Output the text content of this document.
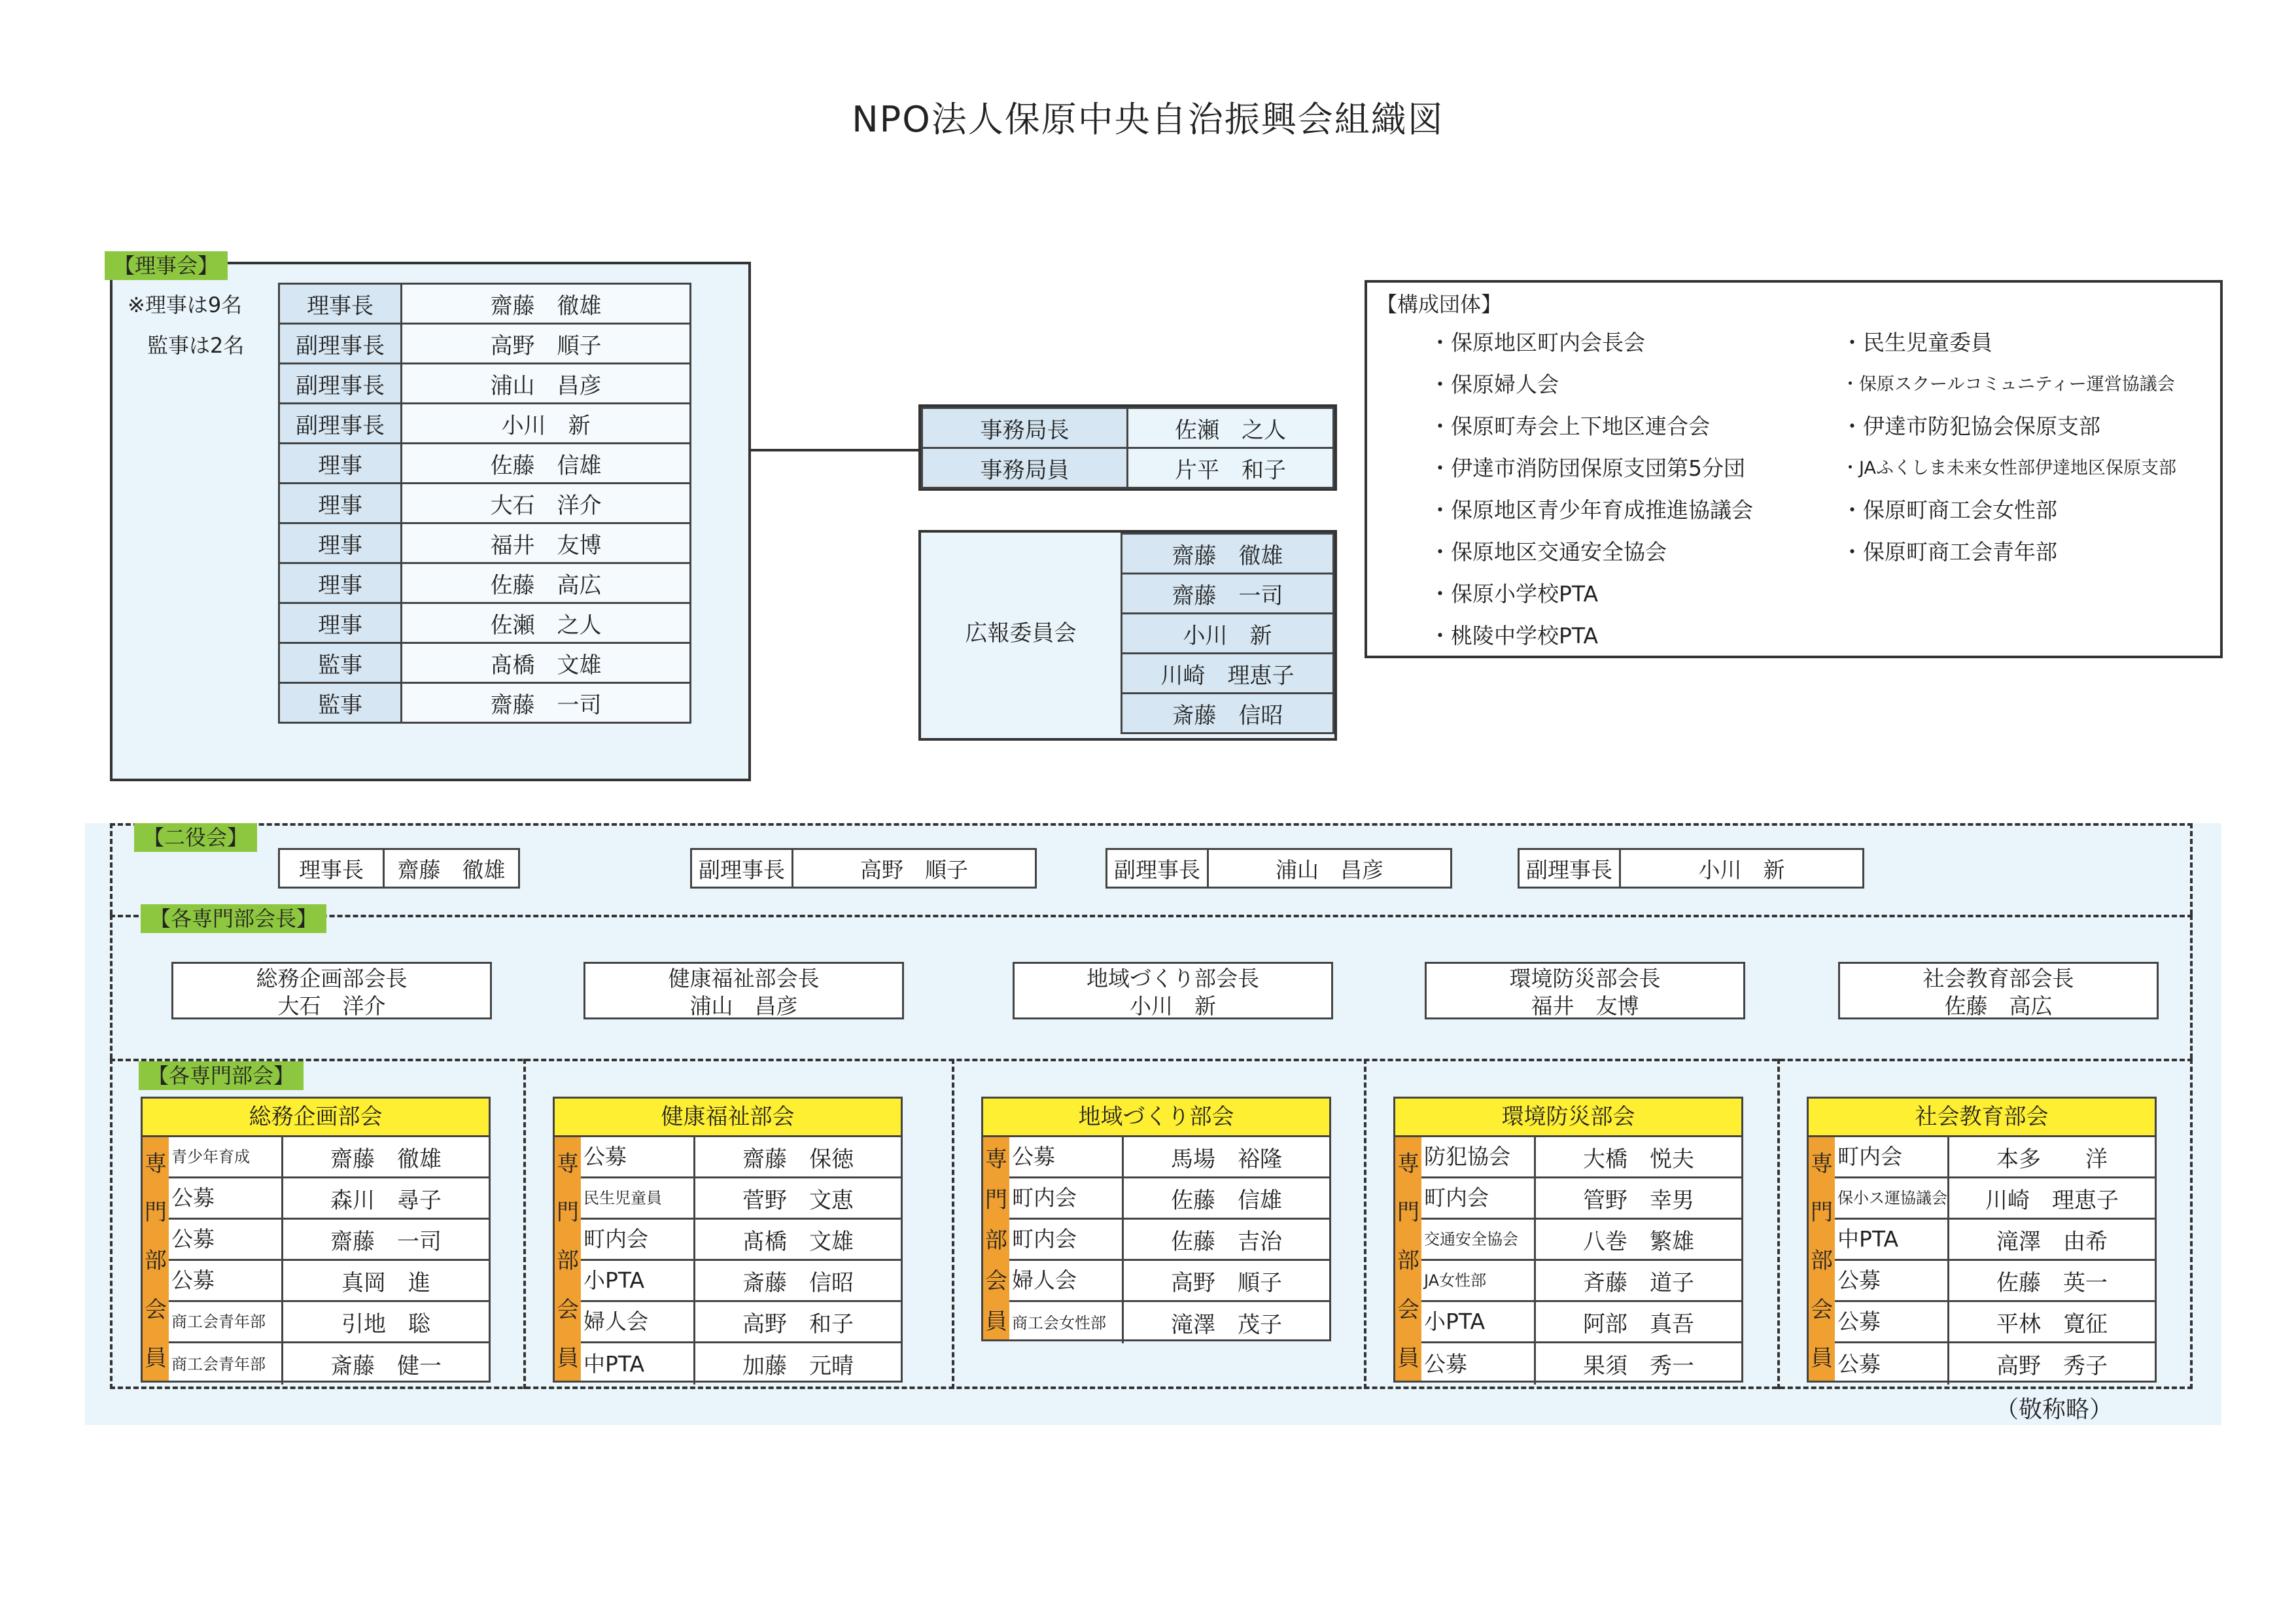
NPO法人保原中央自治振興会組織図
【理事会】
※理事は9名
監事は2名
理事長	齋藤　徹雄
副理事長	高野　順子
副理事長	浦山　昌彦
副理事長	小川　新
理事	佐藤　信雄
理事	大石　洋介
理事	福井　友博
理事	佐藤　高広
理事	佐瀬　之人
監事	髙橋　文雄
監事	齋藤　一司
事務局長	佐瀬　之人
事務局員	片平　和子
広報委員会
齋藤　徹雄
齋藤　一司
小川　新
川崎　理恵子
斎藤　信昭
【構成団体】
・保原地区町内会長会
・保原婦人会
・保原町寿会上下地区連合会
・伊達市消防団保原支団第5分団
・保原地区青少年育成推進協議会
・保原地区交通安全協会
・保原小学校PTA
・桃陵中学校PTA
・民生児童委員
・保原スクールコミュニティー運営協議会
・伊達市防犯協会保原支部
・JAふくしま未来女性部伊達地区保原支部
・保原町商工会女性部
・保原町商工会青年部
【二役会】
【各専門部会長】
【各専門部会】
理事長	齋藤　徹雄	副理事長	高野　順子	副理事長	浦山　昌彦	副理事長	小川　新
総務企画部会長
大石　洋介
健康福祉部会長
浦山　昌彦
地域づくり部会長
小川　新
環境防災部会長
福井　友博
社会教育部会長
佐藤　高広
総務企画部会
専
門
部
会
員
青少年育成	齋藤　徹雄
公募	森川　尋子
公募	齋藤　一司
公募	真岡　進
商工会青年部	引地　聡
商工会青年部	斎藤　健一
健康福祉部会
専
門
部
会
員
公募	齋藤　保徳
民生児童員	菅野　文恵
町内会	髙橋　文雄
小PTA	斎藤　信昭
婦人会	高野　和子
中PTA	加藤　元晴
地域づくり部会
専
門
部
会
員
公募	馬場　裕隆
町内会	佐藤　信雄
町内会	佐藤　吉治
婦人会	高野　順子
商工会女性部	滝澤　茂子
環境防災部会
専
門
部
会
員
防犯協会	大橋　悦夫
町内会	管野　幸男
交通安全協会	八巻　繁雄
JA女性部	斉藤　道子
小PTA	阿部　真吾
公募	果須　秀一
社会教育部会
専
門
部
会
員
町内会	本多　　洋
保小ス運協議会	川崎　理恵子
中PTA	滝澤　由希
公募	佐藤　英一
公募	平林　寛征
公募	高野　秀子
（敬称略）
